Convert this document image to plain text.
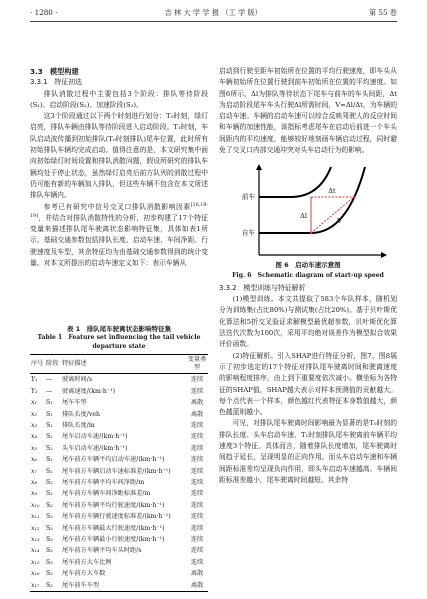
· 1280 ·	吉 林 大 学 学 报 （工 学 版）	第 55 卷
3.3　模型构建
3.3.1　特征初选

排队消散过程中主要包括3个阶段：排队等待阶段(S₁)、启动阶段(S₂)、加速阶段(S₃)。

这3个阶段通过以下两个时刻进行划分：T₀时刻，绿灯启亮，排队车辆由排队等待阶段进入启动阶段。T₁时刻，车队启动波传播到初始排队(T₀时刻排队)尾车位置，此时所有初始排队车辆均完成启动。值得注意的是，本文研究集中面向初始绿灯时间设置和排队消散问题，假设所研究的排队车辆均处于停止状态，虽然绿灯启亮后前方队列的消散过程中仍可能有新的车辆加入排队，但这些车辆不包含在本文所述排队车辆内。

参考已有研究中信号交叉口排队消散影响因素[16,18-19]，并结合对排队消散特性的分析，初步构建了17个特征变量来描述排队尾车驶离状态影响特征集，具体如表1所示。基础交通参数包括排队长度、启动车速、车间净距、行驶速度及车型，其余特征均为由基础交通参数得到的统计变量。对本文所提出的启动车速定义如下：表示车辆从

表 1　排队尾车驶离状态影响特征集
Table 1　Feature set influencing the tail vehicle
departure state
序号	阶段	特征描述	变量类型
Y₁	—	驶离时间/s	连续
Y₂	—	驶离速度/(km·h⁻¹)	连续
x₁	S₁	尾车车型	离散
x₂	S₁	排队长度/veh	离散
x₃	S₁	排队长度/m	连续
x₄	S₂	尾车启动车速/(km·h⁻¹)	连续
x₅	S₂	头车启动车速/(km·h⁻¹)	连续
x₆	S₂	尾车前方车辆平均启动车速/(km·h⁻¹)	连续
x₇	S₂	尾车前方车辆启动车速标准差/(km·h⁻¹)	连续
x₈	S₂	尾车前方车辆平均车间净距/m	连续
x₉	S₂	尾车前方车辆车间净距标准差/m	连续
x₁₀	S₃	尾车前方车辆平均行驶速度/(km·h⁻¹)	连续
x₁₁	S₃	尾车前方车辆行驶速度标准差/(km·h⁻¹)	连续
x₁₂	S₃	尾车前方车辆最大行驶速度/(km·h⁻¹)	连续
x₁₃	S₃	尾车前方车辆最小行驶速度/(km·h⁻¹)	连续
x₁₄	S₃	尾车前方车辆平均车头时距/s	连续
x₁₅	S₃	尾车前方大车比例	连续
x₁₆	S₃	尾车前方大车数	离散
x₁₇	S₃	尾车前车车型	离散

启动到行驶至距车初始所在位置的平均行驶速度，即车头从车辆初始所在位置行驶到前车初始所在位置的平均速度。如图6所示，Δl为排队等待状态下尾车与前车的车头间距，Δt为启动阶段尾车车头行驶Δl所需时间，V=Δl/Δt，为车辆的启动车速。车辆的启动车速可以综合反映驾驶人的反应时间和车辆的加速性能，该指标考虑尾车在启动后前进一个车头间距内的平均速度，能够较好地刻画车辆启动过程，同时避免了交叉口内部交通冲突对头车启动行为的影响。

前车
自车
Δl
Δt
V
图 6　启动车速示意图
Fig. 6　Schematic diagram of start-up speed
3.3.2　模型训练与特征解析

(1)模型训练。本文共提取了583个车队样本，随机划分为训练集(占比80%)与测试集(占比20%)。基于贝叶斯优化算法和5折交叉验证求解模型最优超参数，贝叶斯优化算法迭代次数为100次，采用平均绝对误差作为模型拟合效果评价函数。

(2)特征解析。引入SHAP进行特征分析，图7、图8展示了初步选定的17个特征对排队尾车驶离时间和驶离速度的影响程度排序，由上到下重要度依次减小。横坐标为各特征的SHAP值，SHAP越大表示对样本预测值的贡献越大。每个点代表一个样本，颜色越红代表特征本身数值越大，颜色越蓝则越小。

可见，对排队尾车驶离时间影响最为显著的是T₀时刻的排队长度、头车启动车速、T₁时刻排队尾车驶离前车辆平均速度3个特征。具体而言，随着排队长度增加，尾车驶离时间趋于延长，呈现明显的正向作用。而头车启动车速和车辆间距标准差均呈现负向作用，即头车启动车速越高、车辆间距标准差越小，尾车驶离时间越短。其余特
